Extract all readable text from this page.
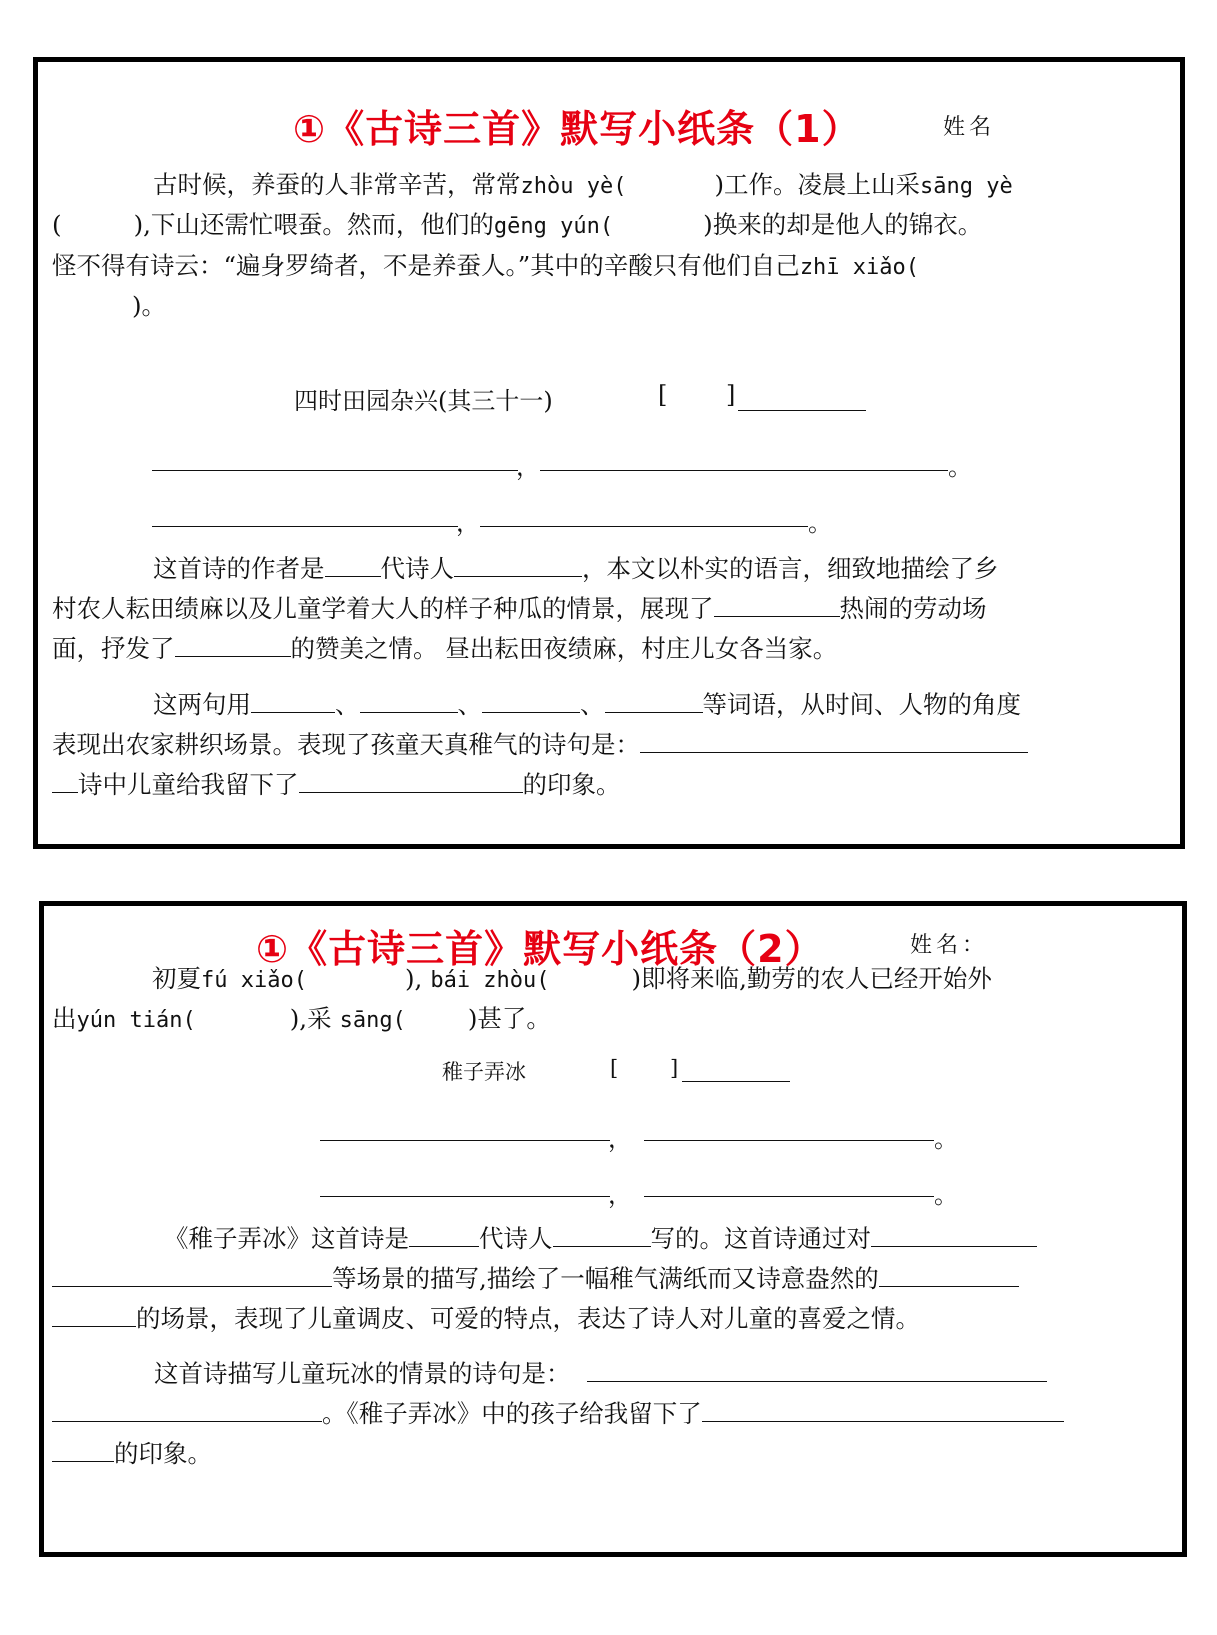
①《古诗三首》默写小纸条（1）	姓名
古时候，养蚕的人非常辛苦，常常zhòu yè(	)工作。凌晨上山采sāng yè
(	),下山还需忙喂蚕。然而，他们的gēng yún(	)换来的却是他人的锦衣。
怪不得有诗云：“遍身罗绮者，不是养蚕人。”其中的辛酸只有他们自己zhī xiǎo(
)。
四时田园杂兴(其三十一)	[ ]
，	。
，	。
这首诗的作者是 代诗人	，本文以朴实的语言，细致地描绘了乡
村农人耘田绩麻以及儿童学着大人的样子种瓜的情景，展现了	热闹的劳动场
面，抒发了	的赞美之情。 昼出耘田夜绩麻，村庄儿女各当家。
这两句用	、	、	、	等词语，从时间、人物的角度
表现出农家耕织场景。表现了孩童天真稚气的诗句是：
诗中儿童给我留下了	的印象。
①《古诗三首》默写小纸条（2）	姓名：
初夏fú xiǎo(	), bái zhòu(	)即将来临,勤劳的农人已经开始外
出yún tián(	),采 sāng(	)甚了。
稚子弄冰	[ ]
，	。
，	。
《稚子弄冰》这首诗是	代诗人	写的。这首诗通过对
等场景的描写,描绘了一幅稚气满纸而又诗意盎然的
的场景，表现了儿童调皮、可爱的特点，表达了诗人对儿童的喜爱之情。
这首诗描写儿童玩冰的情景的诗句是：
。《稚子弄冰》中的孩子给我留下了
的印象。
